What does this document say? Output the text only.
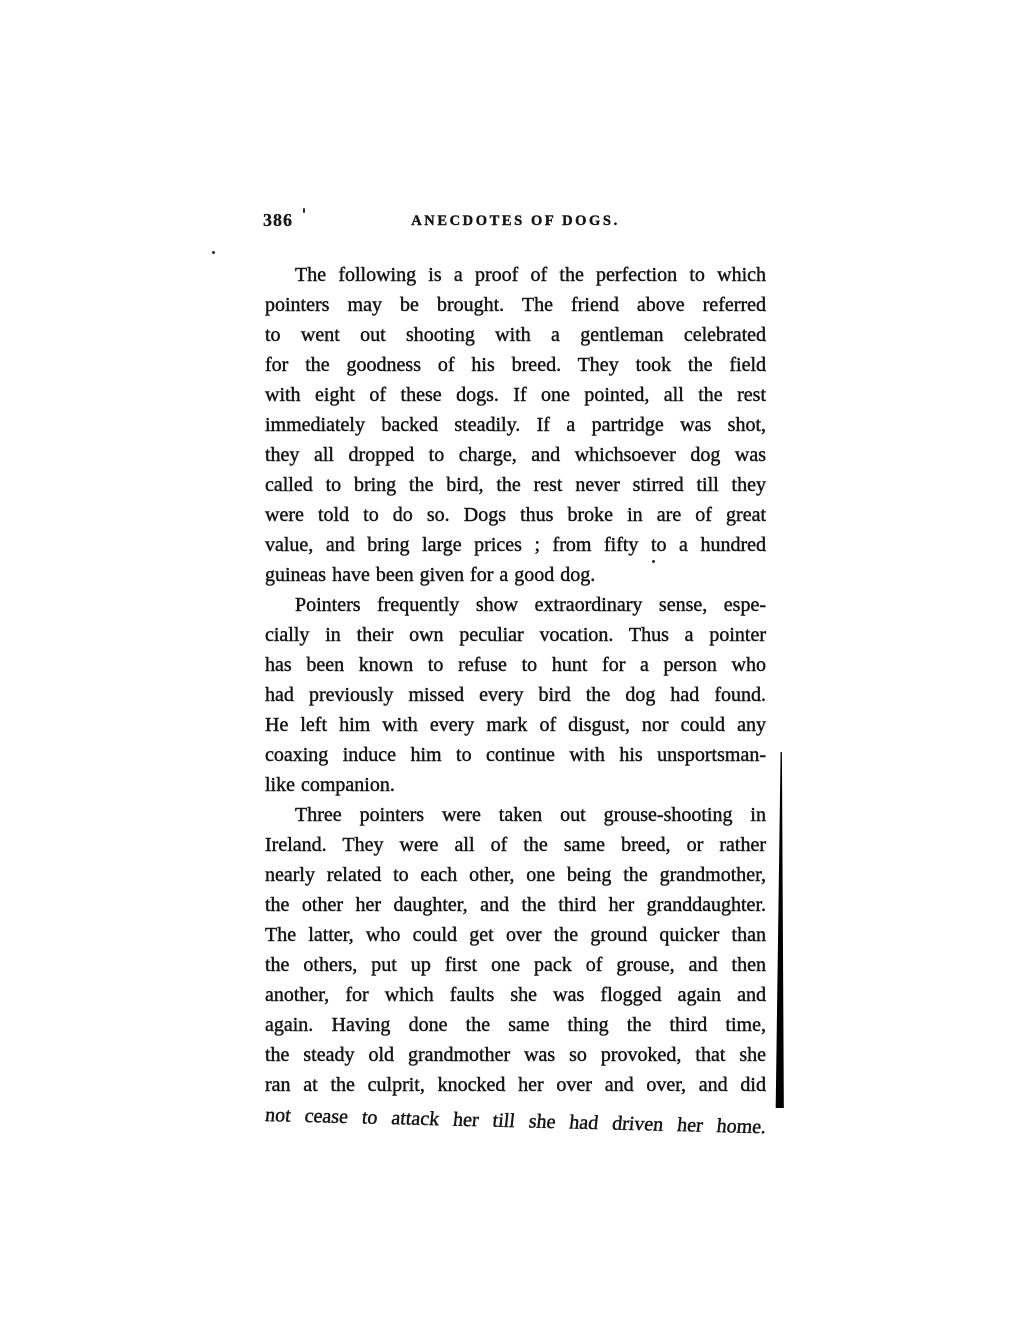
386	ANECDOTES OF DOGS.
The following is a proof of the perfection to which
pointers may be brought. The friend above referred
to went out shooting with a gentleman celebrated
for the goodness of his breed. They took the field
with eight of these dogs. If one pointed, all the rest
immediately backed steadily. If a partridge was shot,
they all dropped to charge, and whichsoever dog was
called to bring the bird, the rest never stirred till they
were told to do so. Dogs thus broke in are of great
value, and bring large prices ; from fifty to a hundred
guineas have been given for a good dog.
Pointers frequently show extraordinary sense, espe-
cially in their own peculiar vocation. Thus a pointer
has been known to refuse to hunt for a person who
had previously missed every bird the dog had found.
He left him with every mark of disgust, nor could any
coaxing induce him to continue with his unsportsman-
like companion.
Three pointers were taken out grouse-shooting in
Ireland. They were all of the same breed, or rather
nearly related to each other, one being the grandmother,
the other her daughter, and the third her granddaughter.
The latter, who could get over the ground quicker than
the others, put up first one pack of grouse, and then
another, for which faults she was flogged again and
again. Having done the same thing the third time,
the steady old grandmother was so provoked, that she
ran at the culprit, knocked her over and over, and did
not cease to attack her till she had driven her home.
